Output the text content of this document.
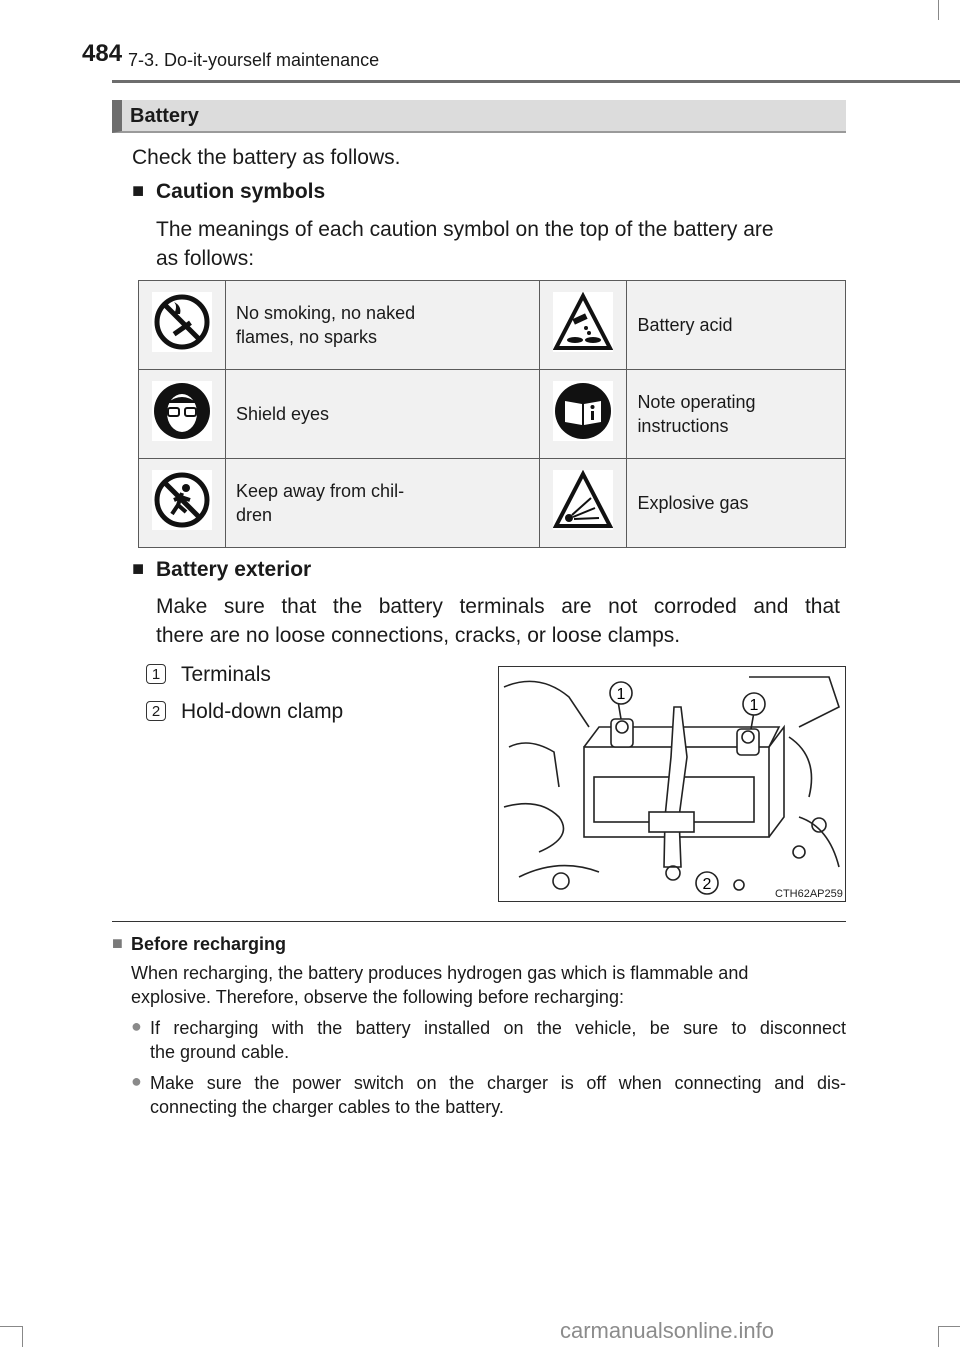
484 7-3. Do-it-yourself maintenance
Battery
Check the battery as follows.
■ Caution symbols
The meanings of each caution symbol on the top of the battery are
as follows:

No smoking, no naked
flames, no sparks		Battery acid

Shield eyes		Note operating
instructions

Keep away from chil-
dren		Explosive gas
■ Battery exterior
Make sure that the battery terminals are not corroded and that
there are no loose connections, cracks, or loose clamps.
1 Terminals
2 Hold-down clamp
1
1
2
CTH62AP259
■ Before recharging
When recharging, the battery produces hydrogen gas which is flammable and
explosive. Therefore, observe the following before recharging:
● If recharging with the battery installed on the vehicle, be sure to disconnect
the ground cable.
● Make sure the power switch on the charger is off when connecting and dis-
connecting the charger cables to the battery.
carmanualsonline.info
